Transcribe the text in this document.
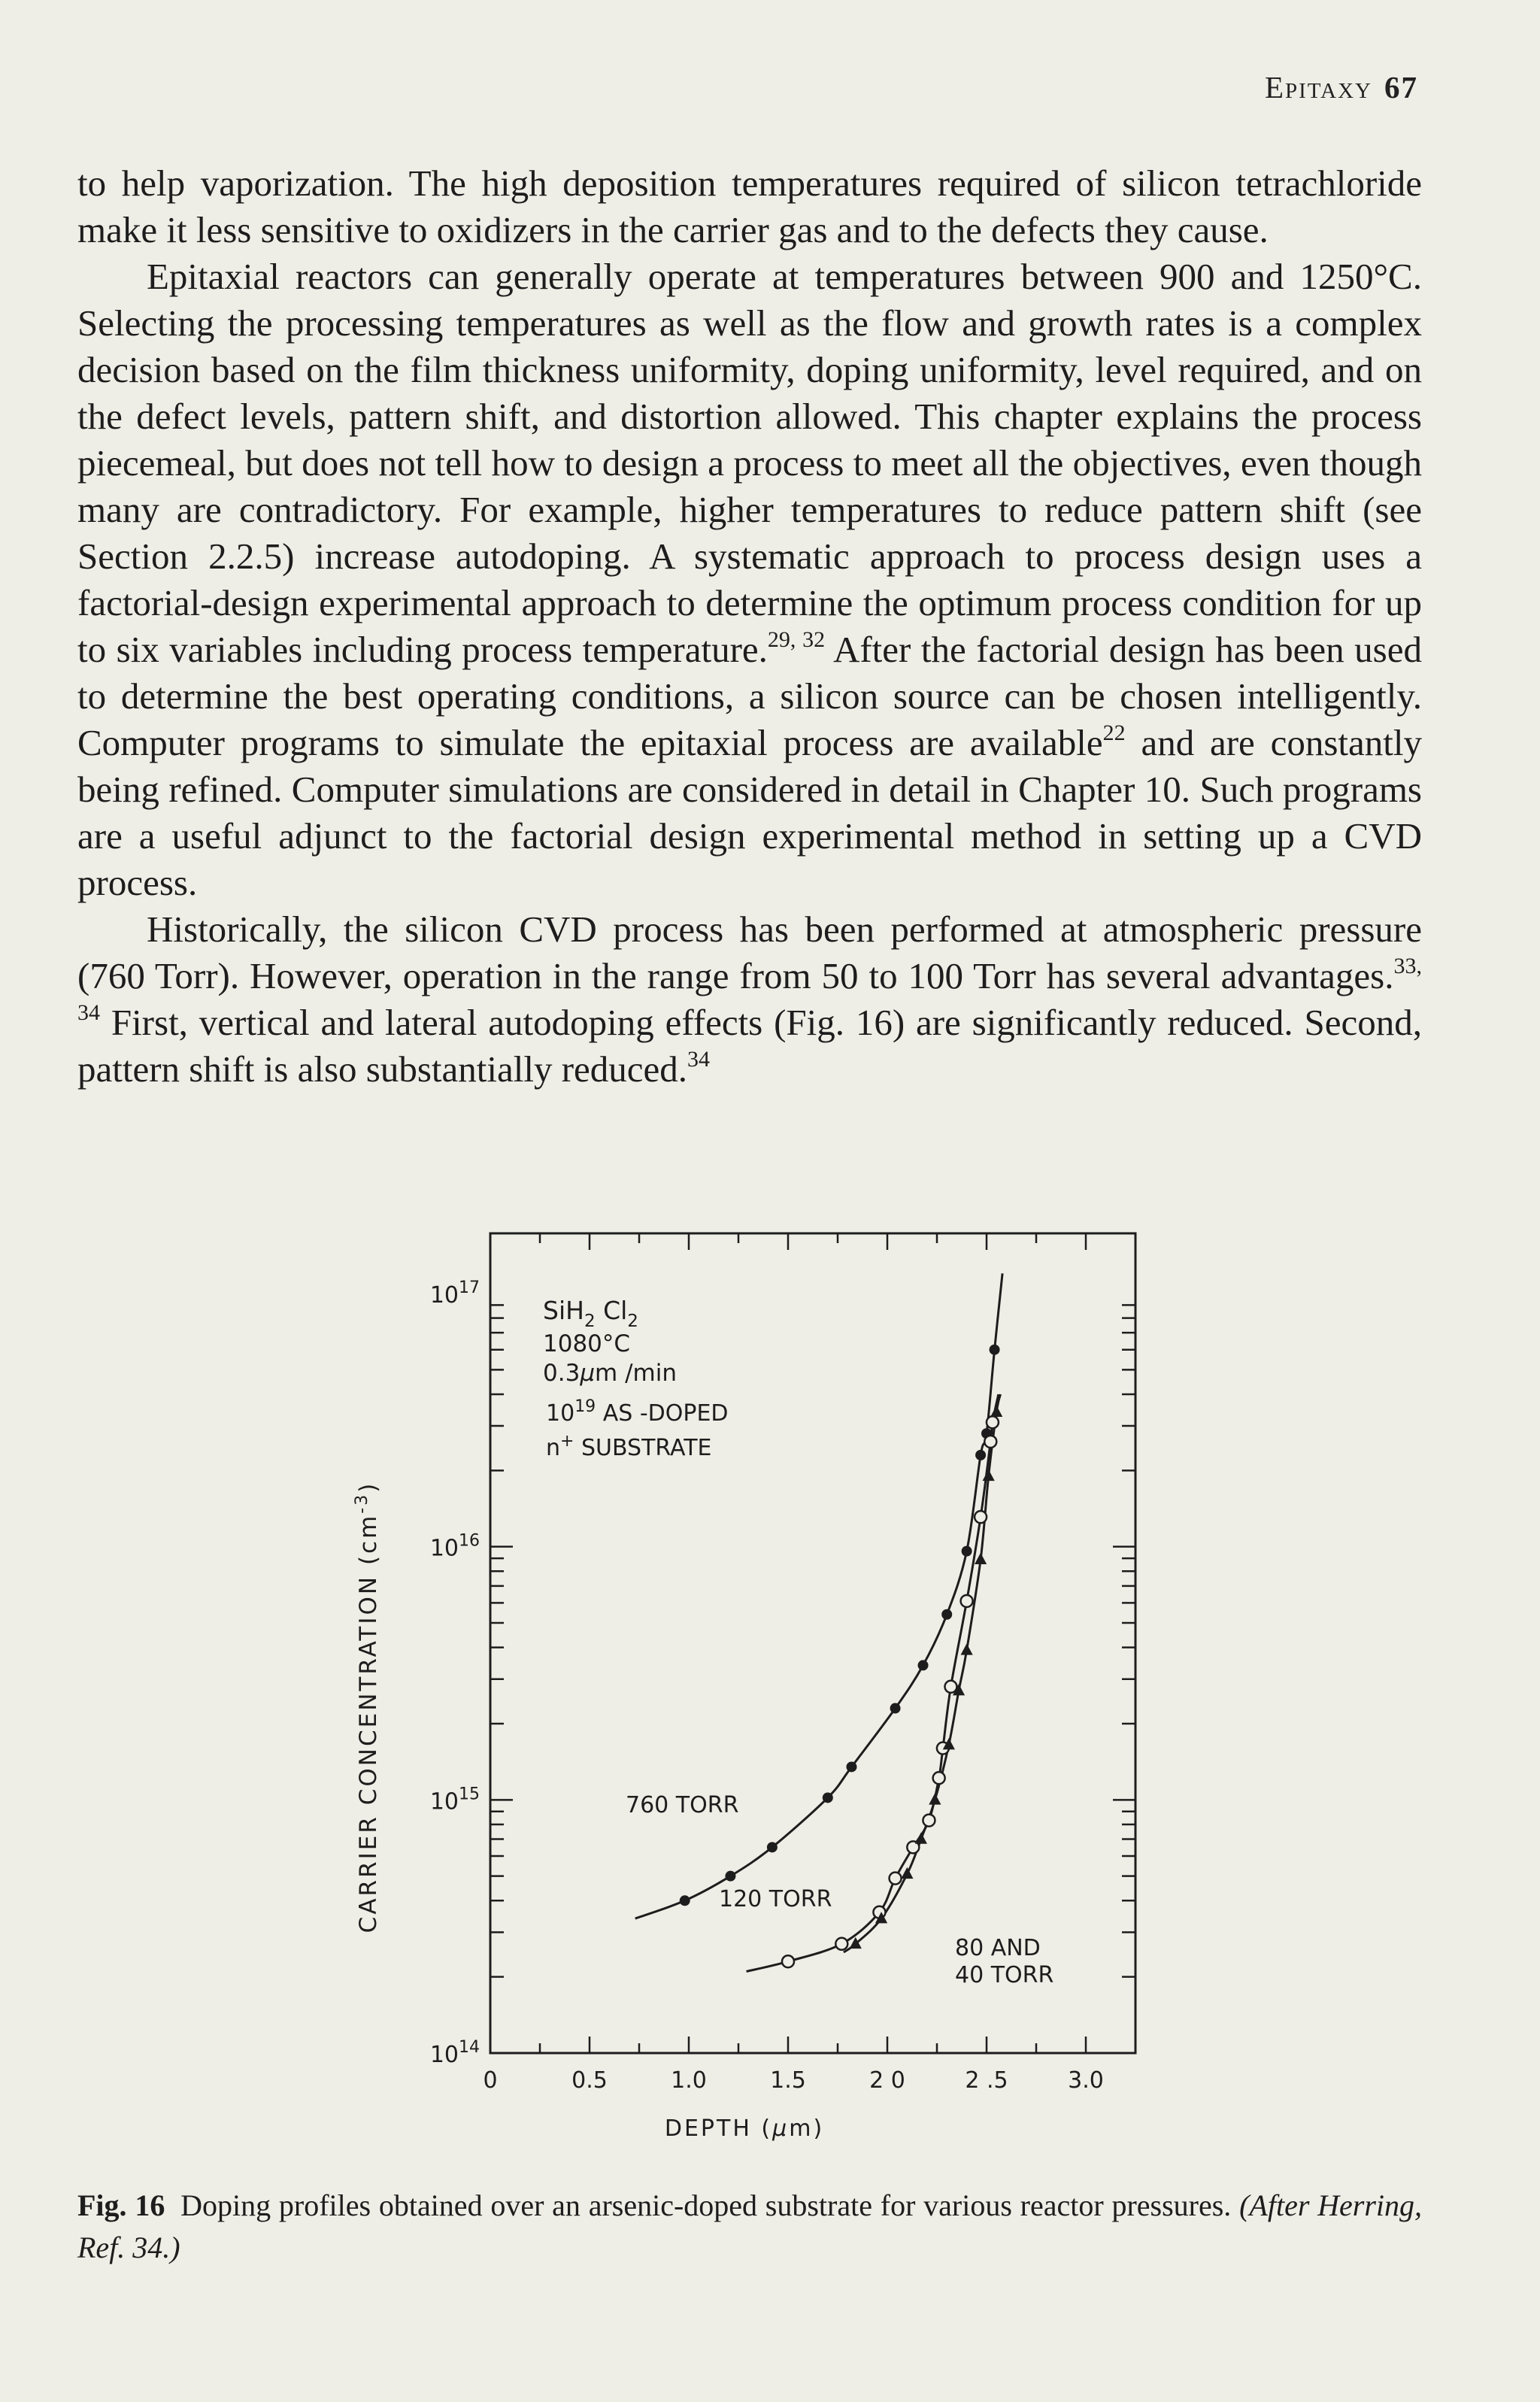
Epitaxy 67

to help vaporization. The high deposition temperatures required of silicon tetrachloride make it less sensitive to oxidizers in the carrier gas and to the defects they cause.

Epitaxial reactors can generally operate at temperatures between 900 and 1250°C. Selecting the processing temperatures as well as the flow and growth rates is a complex decision based on the film thickness uniformity, doping uniformity, level required, and on the defect levels, pattern shift, and distortion allowed. This chapter explains the process piecemeal, but does not tell how to design a process to meet all the objectives, even though many are contradictory. For example, higher temperatures to reduce pattern shift (see Section 2.2.5) increase autodoping. A systematic approach to process design uses a factorial-design experimental approach to determine the optimum process condition for up to six variables including process temperature.$^{29, 32}$ After the factorial design has been used to determine the best operating conditions, a silicon source can be chosen intelligently. Computer programs to simulate the epitaxial process are available$^{22}$ and are constantly being refined. Computer simulations are considered in detail in Chapter 10. Such programs are a useful adjunct to the factorial design experimental method in setting up a CVD process.

Historically, the silicon CVD process has been performed at atmospheric pressure (760 Torr). However, operation in the range from 50 to 100 Torr has several advantages.$^{33, 34}$ First, vertical and lateral autodoping effects (Fig. 16) are significantly reduced. Second, pattern shift is also substantially reduced.$^{34}$

0	0.5	1.0	1.5	2 0	2 .5	3.0
$10^{17}$
$10^{16}$
$10^{15}$
$10^{14}$
SiH$_2$ $Cl_2$
1080°C
0.3μm /min
$10^{19}$ AS -DOPED
n+ SUBSTRATE
760 TORR
120 TORR
80 AND
40 TORR
DEPTH (μm)
CARRIER CONCENTRATION $(cm^{-3})$
Fig. 16 Doping profiles obtained over an arsenic-doped substrate for various reactor pressures. (After Herring, Ref. 34.)
